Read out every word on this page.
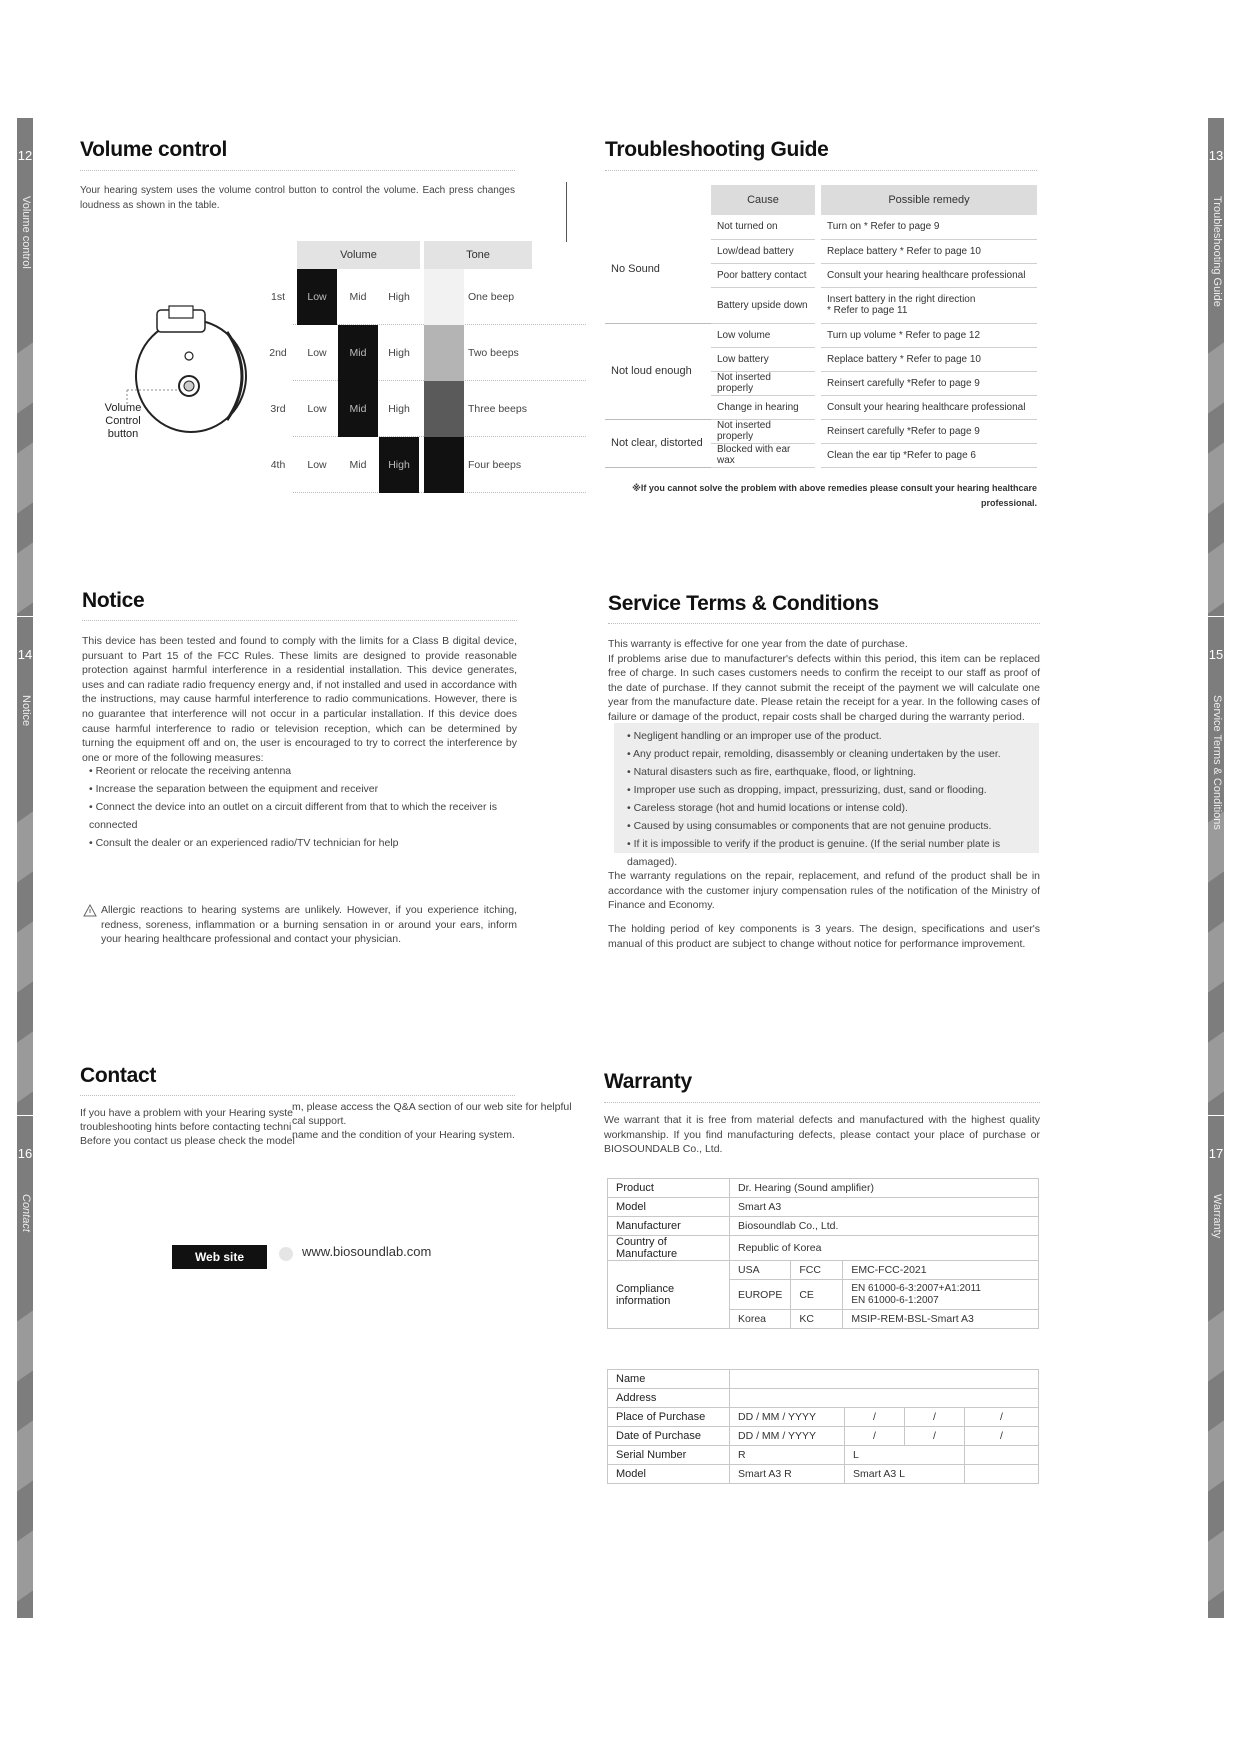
12
Volume control
Volume control
Your hearing system uses the volume control button to control the volume. Each press changes loudness as shown in the table.
Volume Control button
Volume	Tone
1st	Low	Mid	High	One beep
2nd	Low	Mid	High	Two beeps
3rd	Low	Mid	High	Three beeps
4th	Low	Mid	High	Four beeps
13
Troubleshooting Guide
Troubleshooting Guide
	Cause		Possible remedy
No Sound	Not turned on		Turn on * Refer to page 9
	Low/dead battery		Replace battery * Refer to page 10
	Poor battery contact		Consult your hearing healthcare professional
	Battery upside down		Insert battery in the right direction
* Refer to page 11

Not loud enough	Low volume		Turn up volume * Refer to page 12
	Low battery		Replace battery * Refer to page 10
	Not inserted properly		Reinsert carefully *Refer to page 9
	Change in hearing		Consult your hearing healthcare professional
Not clear, distorted	Not inserted properly		Reinsert carefully *Refer to page 9
	Blocked with ear wax		Clean the ear tip *Refer to page 6
※If you cannot solve the problem with above remedies please consult your hearing healthcare professional.
14
Notice
Notice
This device has been tested and found to comply with the limits for a Class B digital device, pursuant to Part 15 of the FCC Rules. These limits are designed to provide reasonable protection against harmful interference in a residential installation. This device generates, uses and can radiate radio frequency energy and, if not installed and used in accordance with the instructions, may cause harmful interference to radio communications. However, there is no guarantee that interference will not occur in a particular installation. If this device does cause harmful interference to radio or television reception, which can be determined by turning the equipment off and on, the user is encouraged to try to correct the interference by one or more of the following measures:
• Reorient or relocate the receiving antenna
• Increase the separation between the equipment and receiver
• Connect the device into an outlet on a circuit different from that to which the receiver is connected
• Consult the dealer or an experienced radio/TV technician for help
Allergic reactions to hearing systems are unlikely. However, if you experience itching, redness, soreness, inflammation or a burning sensation in or around your ears, inform your hearing healthcare professional and contact your physician.
15
Service Terms & Conditions
Service Terms & Conditions
This warranty is effective for one year from the date of purchase.
If problems arise due to manufacturer's defects within this period, this item can be replaced free of charge. In such cases customers needs to confirm the receipt to our staff as proof of the date of purchase. If they cannot submit the receipt of the payment we will calculate one year from the manufacture date. Please retain the receipt for a year. In the following cases of failure or damage of the product, repair costs shall be charged during the warranty period.
• Negligent handling or an improper use of the product.
• Any product repair, remolding, disassembly or cleaning undertaken by the user.
• Natural disasters such as fire, earthquake, flood, or lightning.
• Improper use such as dropping, impact, pressurizing, dust, sand or flooding.
• Careless storage (hot and humid locations or intense cold).
• Caused by using consumables or components that are not genuine products.
• If it is impossible to verify if the product is genuine. (If the serial number plate is damaged).
The warranty regulations on the repair, replacement, and refund of the product shall be in accordance with the customer injury compensation rules of the notification of the Ministry of Finance and Economy.
The holding period of key components is 3 years. The design, specifications and user's manual of this product are subject to change without notice for performance improvement.
16
Contact
Contact
If you have a problem with your Hearing syste
m, please access the Q&A section of our web site for helpful
troubleshooting hints before contacting techni cal support.
Before you contact us please check the model
name and the condition of your Hearing system.
Web site	www.biosoundlab.com
17
Warranty
Warranty
We warrant that it is free from material defects and manufactured with the highest quality workmanship. If you find manufacturing defects, please contact your place of purchase or BIOSOUNDALB Co., Ltd.
Product	Dr. Hearing (Sound amplifier)		
Model	Smart A3		
Manufacturer	Biosoundlab Co., Ltd.		
Country of Manufacture	Republic of Korea		
Compliance information	USA	FCC	EMC-FCC-2021
	EUROPE	CE	EN 61000-6-3:2007+A1:2011
EN 61000-6-1:2007

	Korea	KC	MSIP-REM-BSL-Smart A3
Name				
Address				
Place of Purchase	DD / MM / YYYY	/	/	/
Date of Purchase	DD / MM / YYYY	/	/	/
Serial Number	R	L		
Model	Smart A3 R	Smart A3 L		
